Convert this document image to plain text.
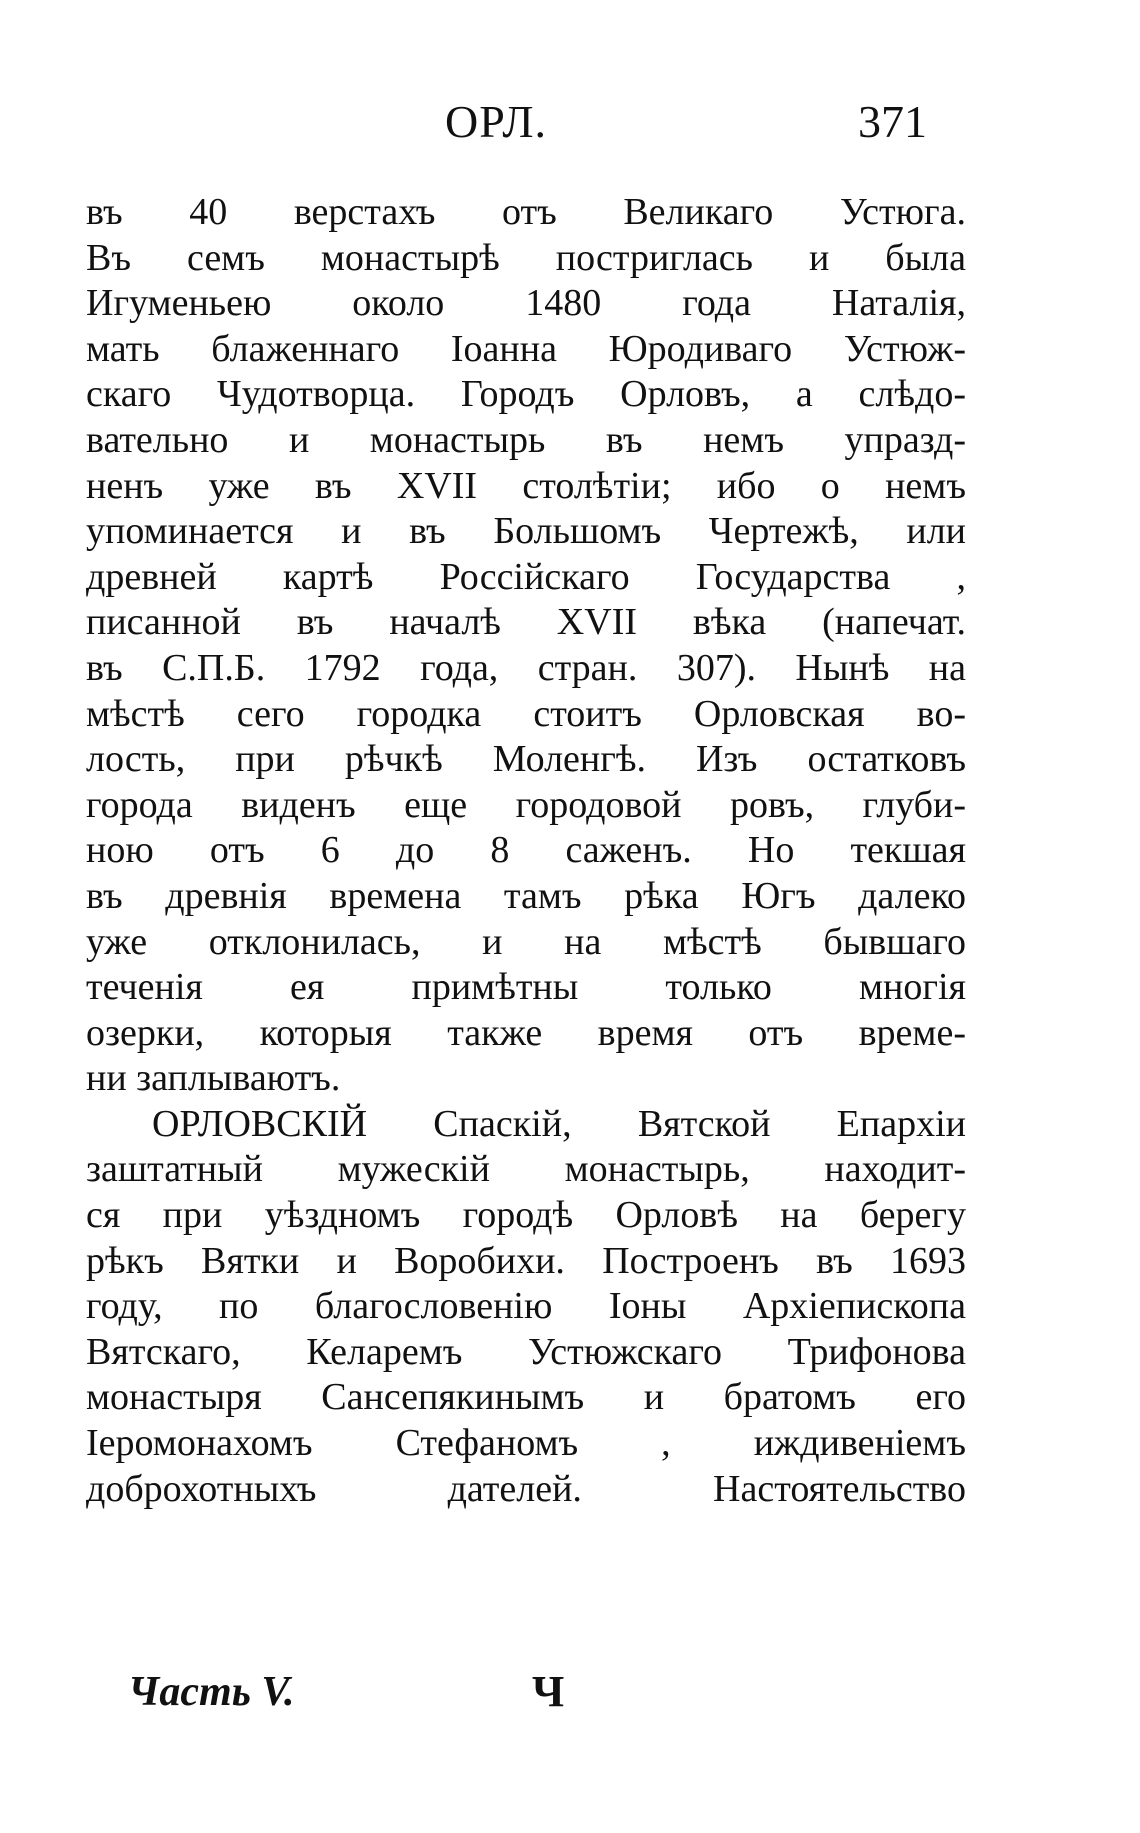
ОРЛ.	371
въ 40 верстахъ отъ Великаго Устюга.
Въ семъ монастырѣ постриглась и была
Игуменьею около 1480 года Наталія,
мать блаженнаго Іоанна Юродиваго Устюж-
скаго Чудотворца. Городъ Орловъ, а слѣдо-
вательно и монастырь въ немъ упразд-
ненъ уже въ XVII столѣтіи; ибо о немъ
упоминается и въ Большомъ Чертежѣ, или
древней картѣ Россійскаго Государства ,
писанной въ началѣ XVII вѣка (напечат.
въ С.П.Б. 1792 года, стран. 307). Нынѣ на
мѣстѣ сего городка стоитъ Орловская во-
лость, при рѣчкѣ Моленгѣ. Изъ остатковъ
города виденъ еще городовой ровъ, глуби-
ною отъ 6 до 8 саженъ. Но текшая
въ древнія времена тамъ рѣка Югъ далеко
уже отклонилась, и на мѣстѣ бывшаго
теченія ея примѣтны только многія
озерки, которыя также время отъ време-
ни заплываютъ.
ОРЛОВСКІЙ Спаскій, Вятской Епархіи
заштатный мужескій монастырь, находит-
ся при уѣздномъ городѣ Орловѣ на берегу
рѣкъ Вятки и Воробихи. Построенъ въ 1693
году, по благословенію Іоны Архіепископа
Вятскаго, Келаремъ Устюжскаго Трифонова
монастыря Сансепякинымъ и братомъ его
Іеромонахомъ Стефаномъ , иждивеніемъ
доброхотныхъ дателей. Настоятельство
Часть V.	Ч
